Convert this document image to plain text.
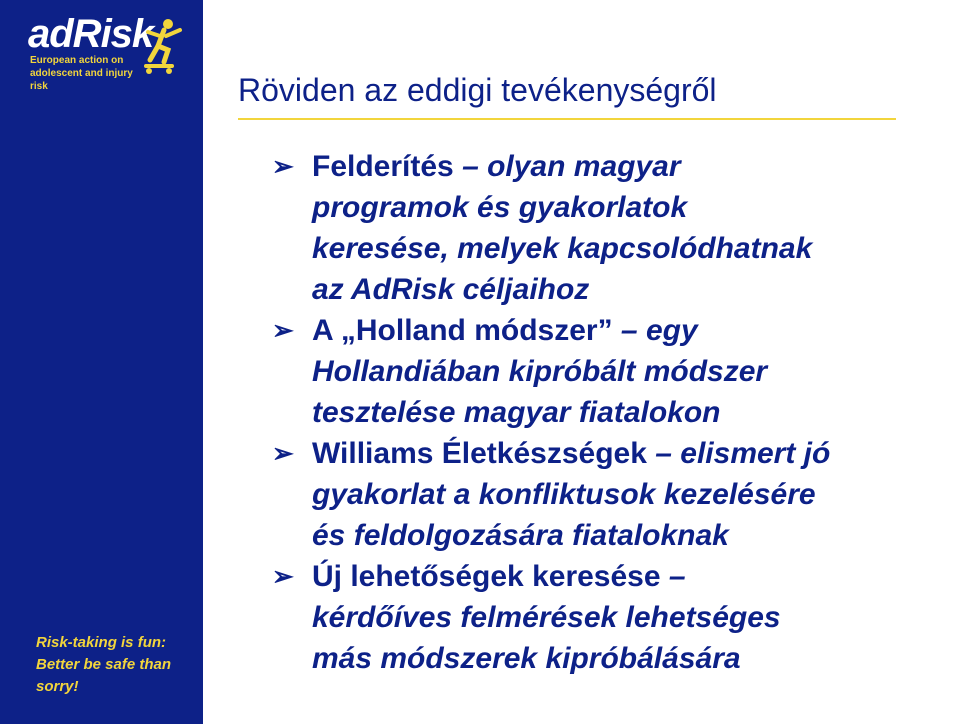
adRisk
European action on
adolescent and injury risk
Risk-taking is fun:
Better be safe than
sorry!
Röviden az eddigi tevékenységről
➢ Felderítés – olyan magyar
programok és gyakorlatok
keresése, melyek kapcsolódhatnak
az AdRisk céljaihoz
➢ A „Holland módszer” – egy
Hollandiában kipróbált módszer
tesztelése magyar fiatalokon
➢ Williams Életkészségek – elismert jó
gyakorlat a konfliktusok kezelésére
és feldolgozására fiataloknak
➢ Új lehetőségek keresése –
kérdőíves felmérések lehetséges
más módszerek kipróbálására
